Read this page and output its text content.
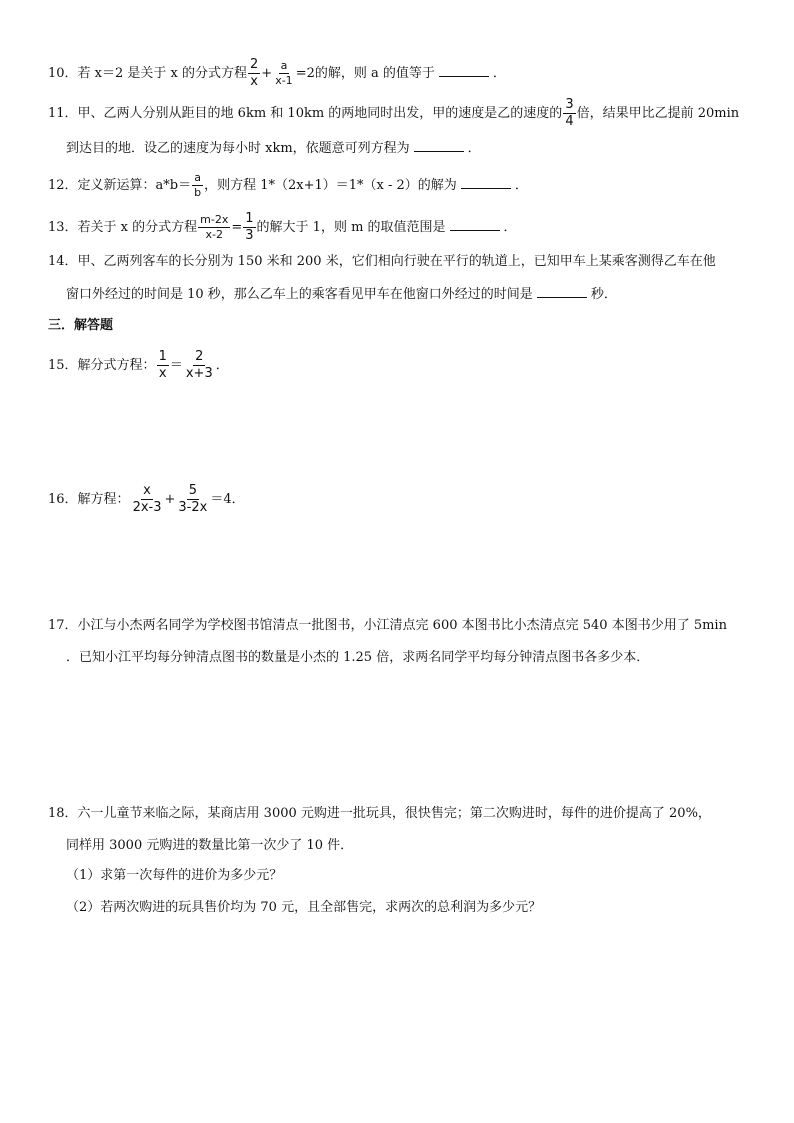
10．若 x＝2 是关于 x 的分式方程 $\frac{2}{x} + \frac{a}{x-1} =2$的解，则 a 的值等于	．
11．甲、乙两人分别从距目的地 6km 和 10km 的两地同时出发，甲的速度是乙的速度的 $\frac{3}{4}$ 倍，结果甲比乙提前 20min
到达目的地．设乙的速度为每小时 xkm，依题意可列方程为	．
12．定义新运算：$a*b= \frac{a}{b}$ ，则方程 1*（2x+1）＝1*（x - 2）的解为	．
13．若关于 x 的分式方程 $\frac{m-2x}{x-2} = \frac{1}{3}$ 的解大于 1，则 m 的取值范围是	．
14．甲、乙两列客车的长分别为 150 米和 200 米，它们相向行驶在平行的轨道上，已知甲车上某乘客测得乙车在他
窗口外经过的时间是 10 秒，那么乙车上的乘客看见甲车在他窗口外经过的时间是	秒．
三．解答题
15．解分式方程： $\frac{1}{x} = \frac{2}{x+3}$ ．
16．解方程： $\frac{x}{2x-3} + \frac{5}{3-2x} =4$．
17．小江与小杰两名同学为学校图书馆清点一批图书，小江清点完 600 本图书比小杰清点完 540 本图书少用了 5min
．已知小江平均每分钟清点图书的数量是小杰的 1.25 倍，求两名同学平均每分钟清点图书各多少本．
18．六一儿童节来临之际，某商店用 3000 元购进一批玩具，很快售完；第二次购进时，每件的进价提高了 20%，
同样用 3000 元购进的数量比第一次少了 10 件．
（1）求第一次每件的进价为多少元？
（2）若两次购进的玩具售价均为 70 元，且全部售完，求两次的总利润为多少元？
